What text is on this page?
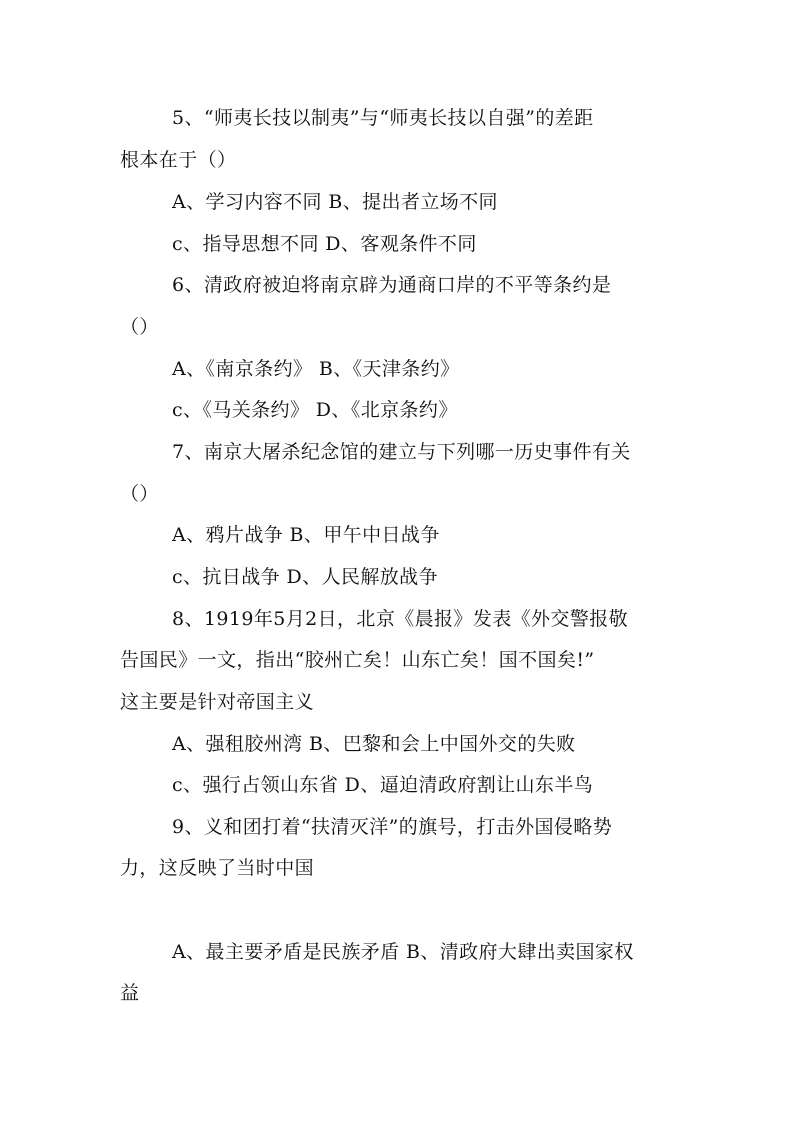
5、“师夷长技以制夷”与“师夷长技以自强”的差距
根本在于（）
A、学习内容不同 B、提出者立场不同
c、指导思想不同 D、客观条件不同
6、清政府被迫将南京辟为通商口岸的不平等条约是
（）
A、《南京条约》 B、《天津条约》
c、《马关条约》 D、《北京条约》
7、南京大屠杀纪念馆的建立与下列哪一历史事件有关
（）
A、鸦片战争 B、甲午中日战争
c、抗日战争 D、人民解放战争
8、1919年5月2日，北京《晨报》发表《外交警报敬
告国民》一文，指出“胶州亡矣！山东亡矣！国不国矣!”
这主要是针对帝国主义
A、强租胶州湾 B、巴黎和会上中国外交的失败
c、强行占领山东省 D、逼迫清政府割让山东半鸟
9、义和团打着“扶清灭洋”的旗号，打击外国侵略势
力，这反映了当时中国
A、最主要矛盾是民族矛盾 B、清政府大肆出卖国家权
益
